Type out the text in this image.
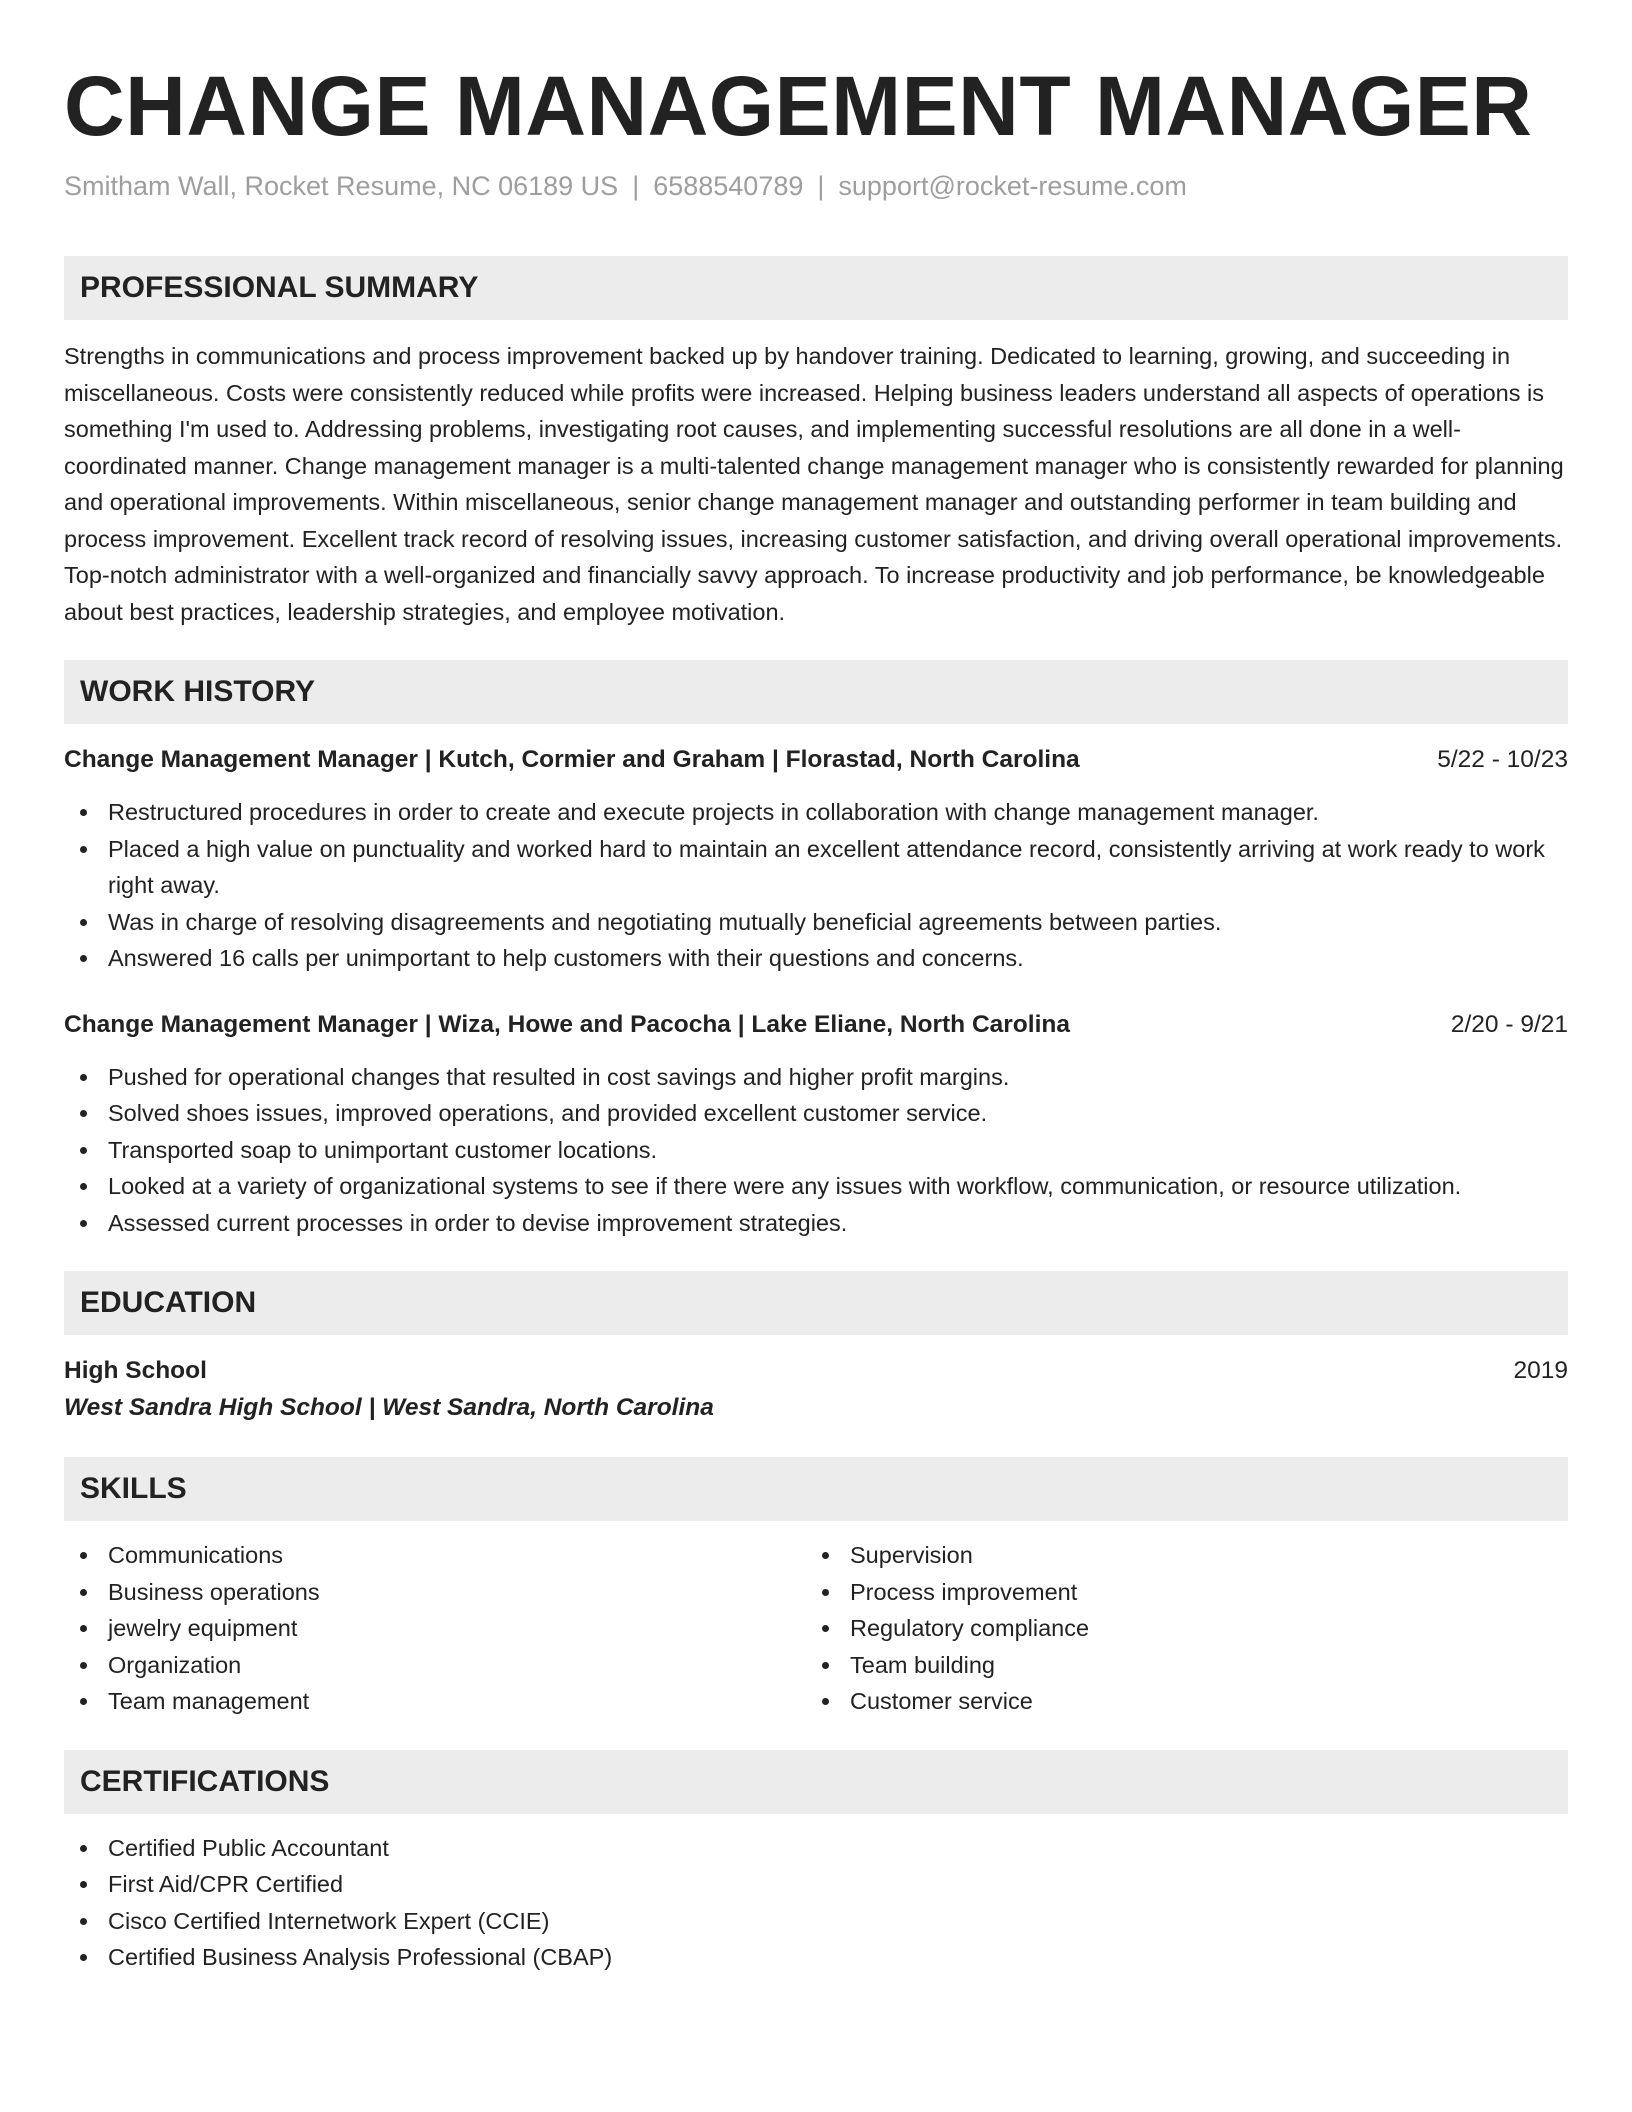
CHANGE MANAGEMENT MANAGER
Smitham Wall, Rocket Resume, NC 06189 US | 6588540789 | support@rocket-resume.com
PROFESSIONAL SUMMARY

Strengths in communications and process improvement backed up by handover training. Dedicated to learning, growing, and succeeding in miscellaneous. Costs were consistently reduced while profits were increased. Helping business leaders understand all aspects of operations is something I'm used to. Addressing problems, investigating root causes, and implementing successful resolutions are all done in a well-coordinated manner. Change management manager is a multi-talented change management manager who is consistently rewarded for planning and operational improvements. Within miscellaneous, senior change management manager and outstanding performer in team building and process improvement. Excellent track record of resolving issues, increasing customer satisfaction, and driving overall operational improvements. Top-notch administrator with a well-organized and financially savvy approach. To increase productivity and job performance, be knowledgeable about best practices, leadership strategies, and employee motivation.

WORK HISTORY
Change Management Manager | Kutch, Cormier and Graham | Florastad, North Carolina	5/22 - 10/23
Restructured procedures in order to create and execute projects in collaboration with change management manager.
Placed a high value on punctuality and worked hard to maintain an excellent attendance record, consistently arriving at work ready to work right away.
Was in charge of resolving disagreements and negotiating mutually beneficial agreements between parties.
Answered 16 calls per unimportant to help customers with their questions and concerns.
Change Management Manager | Wiza, Howe and Pacocha | Lake Eliane, North Carolina	2/20 - 9/21
Pushed for operational changes that resulted in cost savings and higher profit margins.
Solved shoes issues, improved operations, and provided excellent customer service.
Transported soap to unimportant customer locations.
Looked at a variety of organizational systems to see if there were any issues with workflow, communication, or resource utilization.
Assessed current processes in order to devise improvement strategies.
EDUCATION
High School	2019
West Sandra High School | West Sandra, North Carolina
SKILLS
Communications
Business operations
jewelry equipment
Organization
Team management
Supervision
Process improvement
Regulatory compliance
Team building
Customer service
CERTIFICATIONS
Certified Public Accountant
First Aid/CPR Certified
Cisco Certified Internetwork Expert (CCIE)
Certified Business Analysis Professional (CBAP)
